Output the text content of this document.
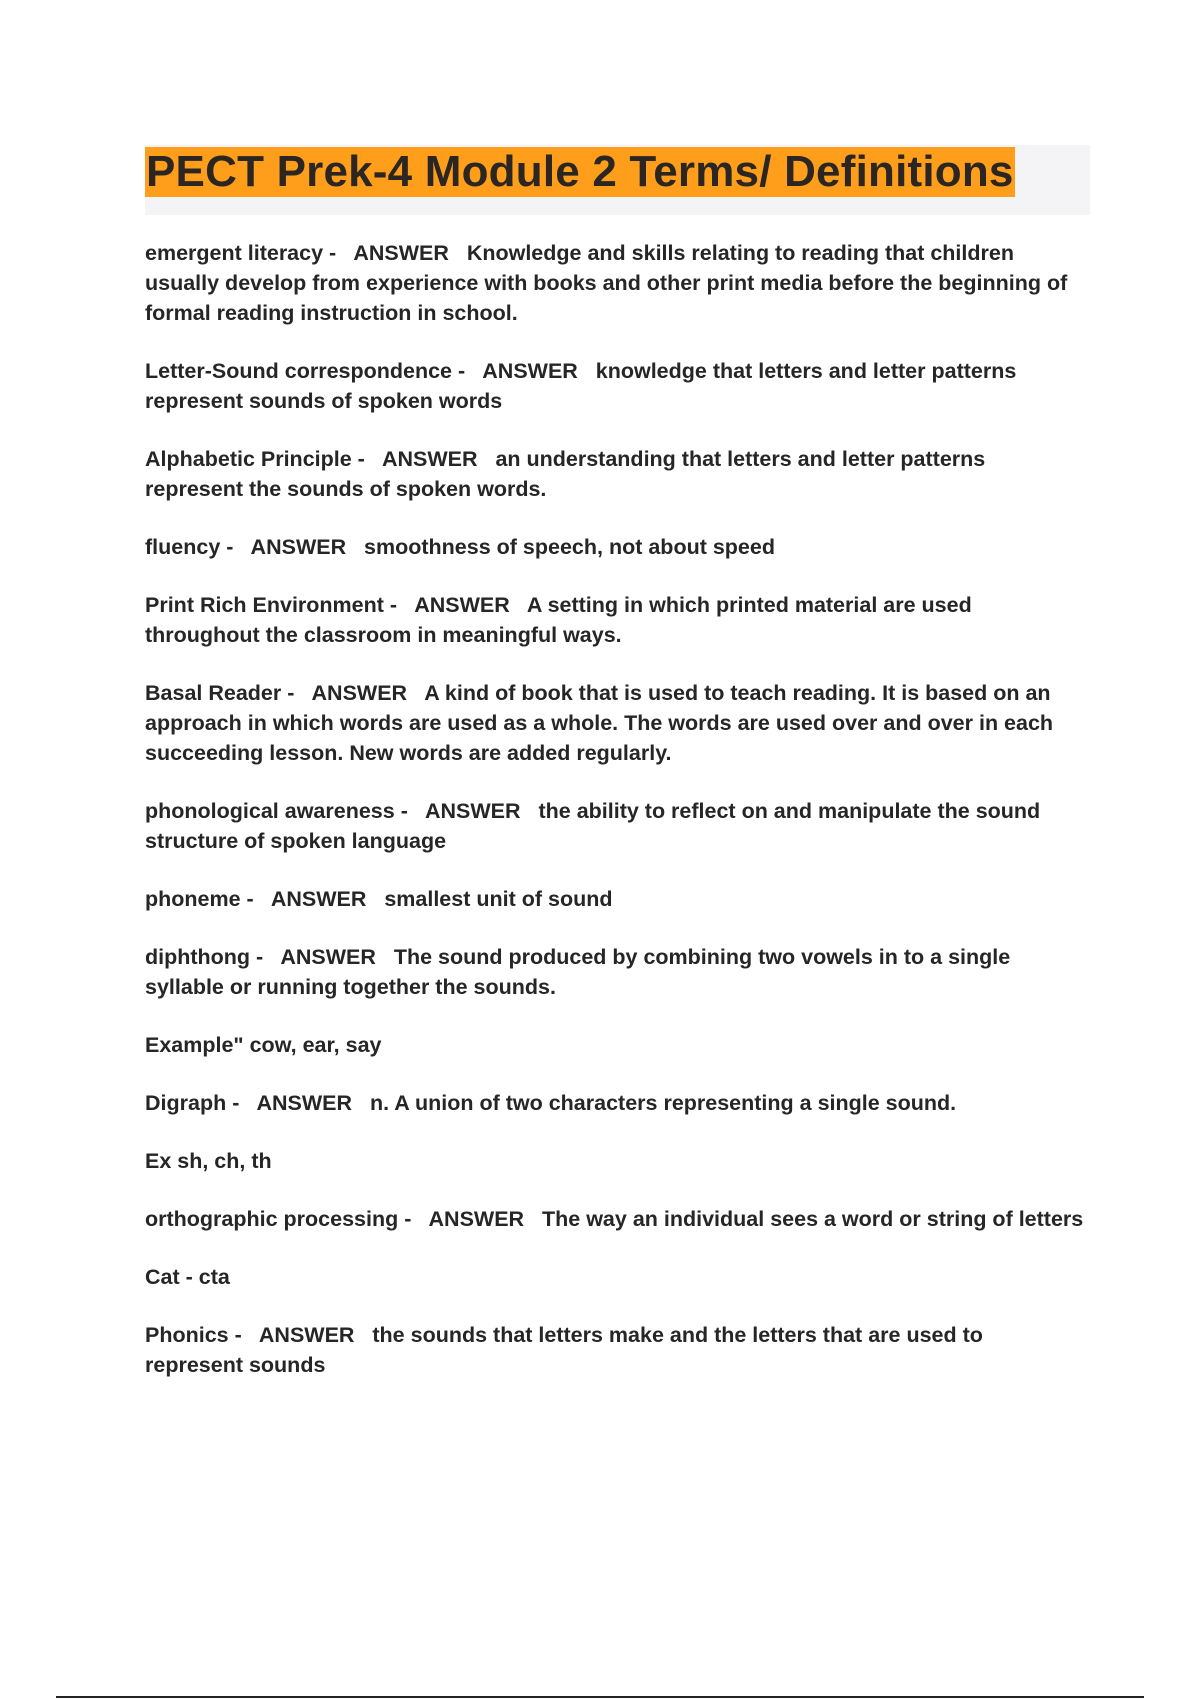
PECT Prek-4 Module 2 Terms/ Definitions

emergent literacy -   ANSWER Knowledge and skills relating to reading that children usually develop from experience with books and other print media before the beginning of formal reading instruction in school.

Letter-Sound correspondence -   ANSWER knowledge that letters and letter patterns represent sounds of spoken words

Alphabetic Principle -   ANSWER an understanding that letters and letter patterns represent the sounds of spoken words.

fluency -   ANSWER smoothness of speech, not about speed

Print Rich Environment -   ANSWER A setting in which printed material are used throughout the classroom in meaningful ways.

Basal Reader -   ANSWER A kind of book that is used to teach reading. It is based on an approach in which words are used as a whole. The words are used over and over in each succeeding lesson. New words are added regularly.

phonological awareness -   ANSWER the ability to reflect on and manipulate the sound structure of spoken language

phoneme -   ANSWER smallest unit of sound

diphthong -   ANSWER The sound produced by combining two vowels in to a single syllable or running together the sounds.

Example" cow, ear, say

Digraph -   ANSWER n. A union of two characters representing a single sound.

Ex sh, ch, th

orthographic processing -   ANSWER The way an individual sees a word or string of letters

Cat - cta

Phonics -   ANSWER the sounds that letters make and the letters that are used to represent sounds
